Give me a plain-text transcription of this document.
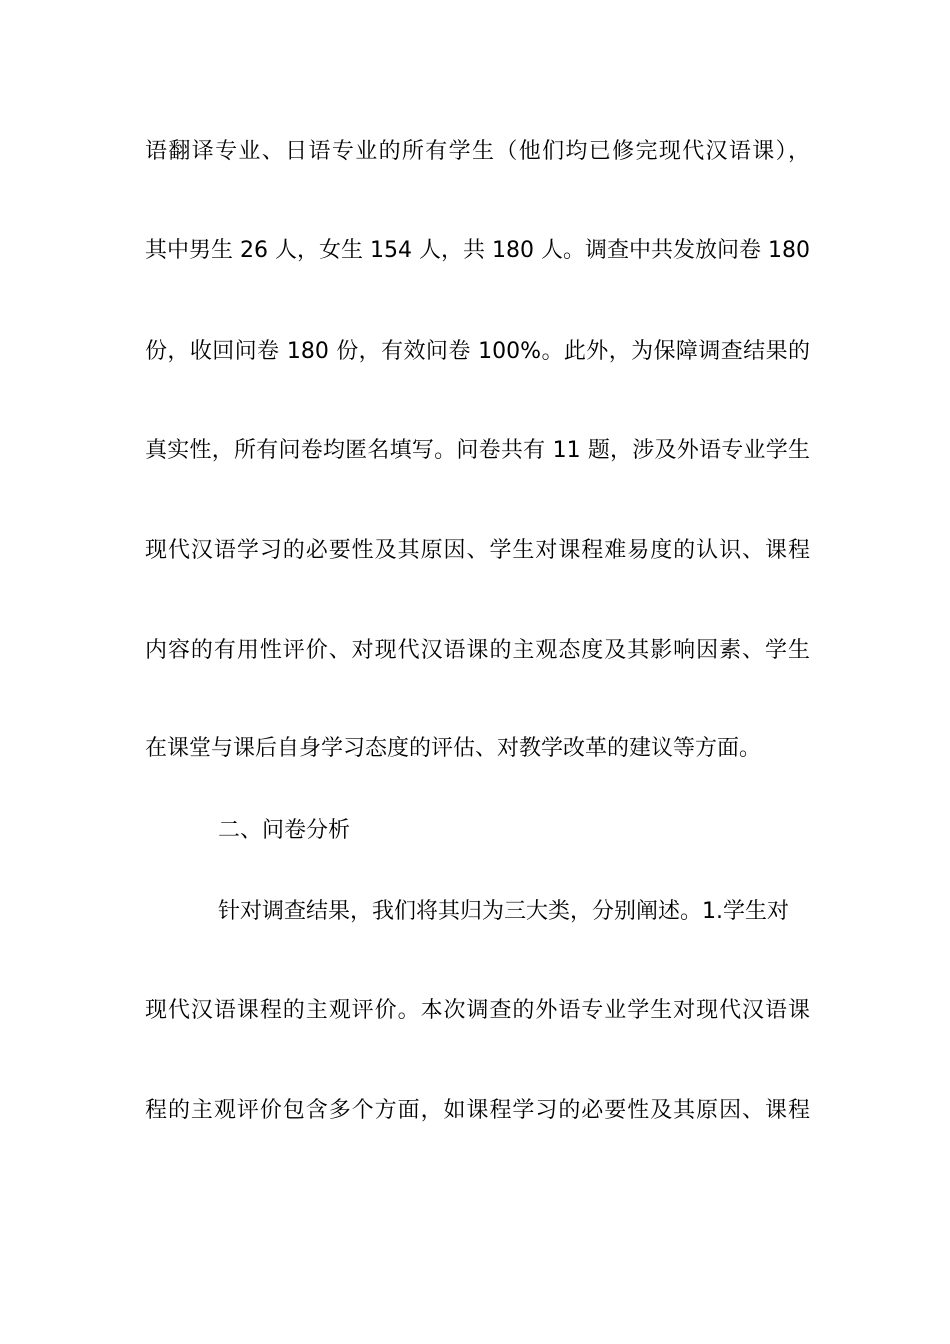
语翻译专业、日语专业的所有学生（他们均已修完现代汉语课），
其中男生 26 人，女生 154 人，共 180 人。调查中共发放问卷 180
份，收回问卷 180 份，有效问卷 100%。此外，为保障调查结果的
真实性，所有问卷均匿名填写。问卷共有 11 题，涉及外语专业学生
现代汉语学习的必要性及其原因、学生对课程难易度的认识、课程
内容的有用性评价、对现代汉语课的主观态度及其影响因素、学生
在课堂与课后自身学习态度的评估、对教学改革的建议等方面。
二、问卷分析
针对调查结果，我们将其归为三大类，分别阐述。1.学生对
现代汉语课程的主观评价。本次调查的外语专业学生对现代汉语课
程的主观评价包含多个方面，如课程学习的必要性及其原因、课程
